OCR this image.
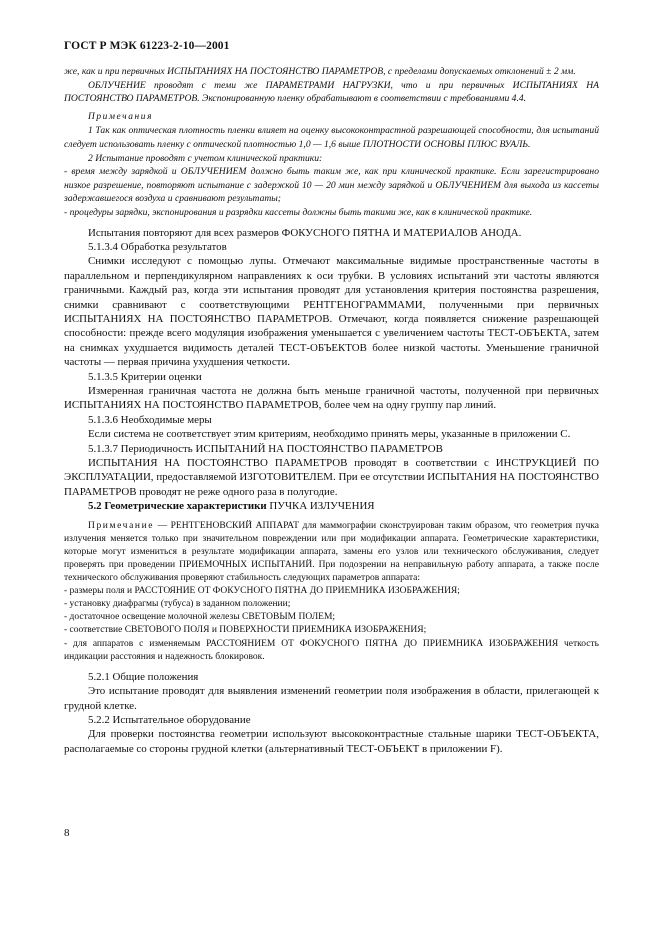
ГОСТ Р МЭК 61223-2-10—2001

же, как и при первичных ИСПЫТАНИЯХ НА ПОСТОЯНСТВО ПАРАМЕТРОВ, с пределами допускаемых отклонений ± 2 мм.

ОБЛУЧЕНИЕ проводят с теми же ПАРАМЕТРАМИ НАГРУЗКИ, что и при первичных ИСПЫТАНИЯХ НА ПОСТОЯНСТВО ПАРАМЕТРОВ. Экспонированную пленку обрабатывают в соответствии с требованиями 4.4.

Примечания

1 Так как оптическая плотность пленки влияет на оценку высококонтрастной разрешающей способности, для испытаний следует использовать пленку с оптической плотностью 1,0 — 1,6 выше ПЛОТНОСТИ ОСНОВЫ ПЛЮС ВУАЛЬ.

2 Испытание проводят с учетом клинической практики:

- время между зарядкой и ОБЛУЧЕНИЕМ должно быть таким же, как при клинической практике. Если зарегистрировано низкое разрешение, повторяют испытание с задержкой 10 — 20 мин между зарядкой и ОБЛУЧЕНИЕМ для выхода из кассеты задержавшегося воздуха и сравнивают результаты;

- процедуры зарядки, экспонирования и разрядки кассеты должны быть такими же, как в клинической практике.

Испытания повторяют для всех размеров ФОКУСНОГО ПЯТНА И МАТЕРИАЛОВ АНОДА.

5.1.3.4 Обработка результатов

Снимки исследуют с помощью лупы. Отмечают максимальные видимые пространственные частоты в параллельном и перпендикулярном направлениях к оси трубки. В условиях испытаний эти частоты являются граничными. Каждый раз, когда эти испытания проводят для установления критерия постоянства разрешения, снимки сравнивают с соответствующими РЕНТГЕНОГРАММАМИ, полученными при первичных ИСПЫТАНИЯХ НА ПОСТОЯНСТВО ПАРАМЕТРОВ. Отмечают, когда появляется снижение разрешающей способности: прежде всего модуляция изображения уменьшается с увеличением частоты ТЕСТ-ОБЪЕКТА, затем на снимках ухудшается видимость деталей ТЕСТ-ОБЪЕКТОВ более низкой частоты. Уменьшение граничной частоты — первая причина ухудшения четкости.

5.1.3.5 Критерии оценки

Измеренная граничная частота не должна быть меньше граничной частоты, полученной при первичных ИСПЫТАНИЯХ НА ПОСТОЯНСТВО ПАРАМЕТРОВ, более чем на одну группу пар линий.

5.1.3.6 Необходимые меры

Если система не соответствует этим критериям, необходимо принять меры, указанные в приложении С.

5.1.3.7 Периодичность ИСПЫТАНИЙ НА ПОСТОЯНСТВО ПАРАМЕТРОВ

ИСПЫТАНИЯ НА ПОСТОЯНСТВО ПАРАМЕТРОВ проводят в соответствии с ИНСТРУКЦИЕЙ ПО ЭКСПЛУАТАЦИИ, предоставляемой ИЗГОТОВИТЕЛЕМ. При ее отсутствии ИСПЫТАНИЯ НА ПОСТОЯНСТВО ПАРАМЕТРОВ проводят не реже одного раза в полугодие.

5.2 Геометрические характеристики ПУЧКА ИЗЛУЧЕНИЯ

Примечание — РЕНТГЕНОВСКИЙ АППАРАТ для маммографии сконструирован таким образом, что геометрия пучка излучения меняется только при значительном повреждении или при модификации аппарата. Геометрические характеристики, которые могут измениться в результате модификации аппарата, замены его узлов или технического обслуживания, следует проверять при проведении ПРИЕМОЧНЫХ ИСПЫТАНИЙ. При подозрении на неправильную работу аппарата, а также после технического обслуживания проверяют стабильность следующих параметров аппарата:

- размеры поля и РАССТОЯНИЕ ОТ ФОКУСНОГО ПЯТНА ДО ПРИЕМНИКА ИЗОБРАЖЕНИЯ;

- установку диафрагмы (тубуса) в заданном положении;

- достаточное освещение молочной железы СВЕТОВЫМ ПОЛЕМ;

- соответствие СВЕТОВОГО ПОЛЯ и ПОВЕРХНОСТИ ПРИЕМНИКА ИЗОБРАЖЕНИЯ;

- для аппаратов с изменяемым РАССТОЯНИЕМ ОТ ФОКУСНОГО ПЯТНА ДО ПРИЕМНИКА ИЗОБРАЖЕНИЯ четкость индикации расстояния и надежность блокировок.

5.2.1 Общие положения

Это испытание проводят для выявления изменений геометрии поля изображения в области, прилегающей к грудной клетке.

5.2.2 Испытательное оборудование

Для проверки постоянства геометрии используют высококонтрастные стальные шарики ТЕСТ-ОБЪЕКТА, располагаемые со стороны грудной клетки (альтернативный ТЕСТ-ОБЪЕКТ в приложении F).

8
